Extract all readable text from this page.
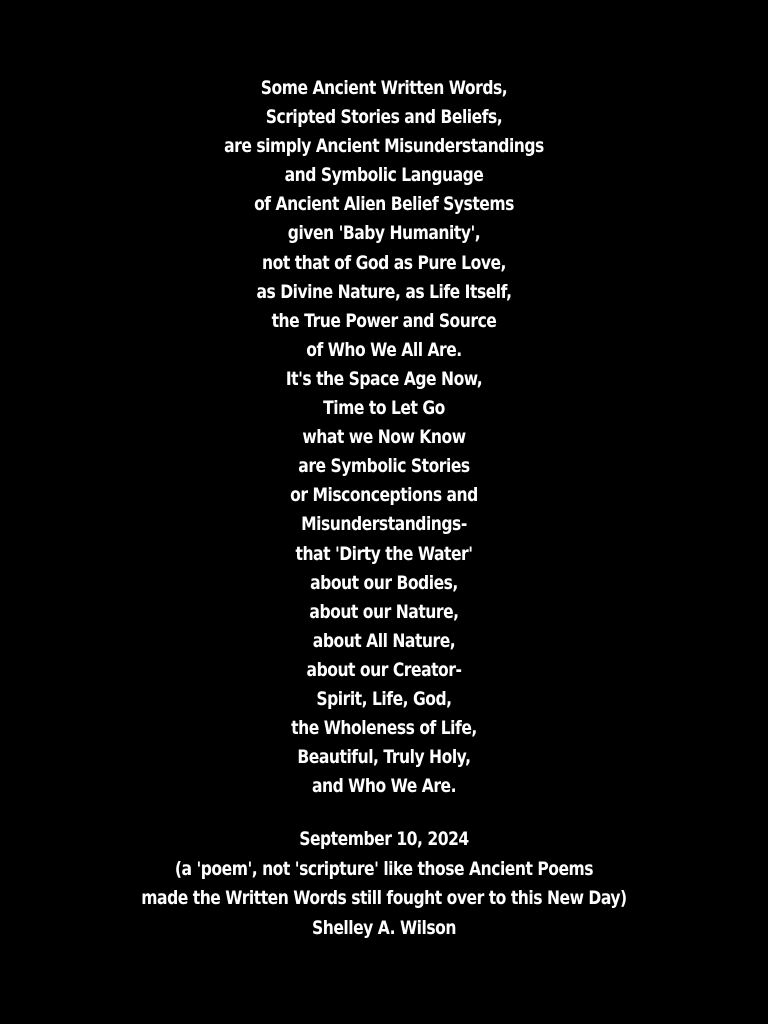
Some Ancient Written Words,
Scripted Stories and Beliefs,
are simply Ancient Misunderstandings
and Symbolic Language
of Ancient Alien Belief Systems
given 'Baby Humanity',
not that of God as Pure Love,
as Divine Nature, as Life Itself,
the True Power and Source
of Who We All Are.
It's the Space Age Now,
Time to Let Go
what we Now Know
are Symbolic Stories
or Misconceptions and
Misunderstandings-
that 'Dirty the Water'
about our Bodies,
about our Nature,
about All Nature,
about our Creator-
Spirit, Life, God,
the Wholeness of Life,
Beautiful, Truly Holy,
and Who We Are.
September 10, 2024
(a 'poem', not 'scripture' like those Ancient Poems
made the Written Words still fought over to this New Day)
Shelley A. Wilson
